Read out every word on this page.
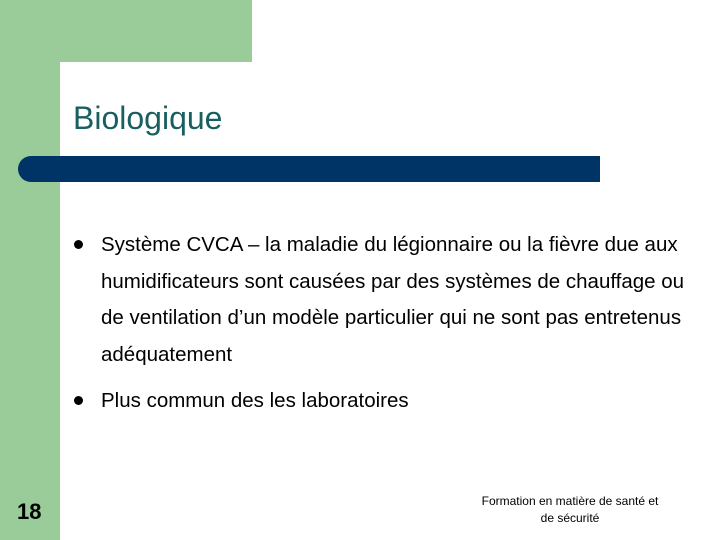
Biologique
Système CVCA – la maladie du légionnaire ou la fièvre due aux humidificateurs sont causées par des systèmes de chauffage ou de ventilation d’un modèle particulier qui ne sont pas entretenus adéquatement
Plus commun des les laboratoires
18	Formation en matière de santé et
de sécurité
